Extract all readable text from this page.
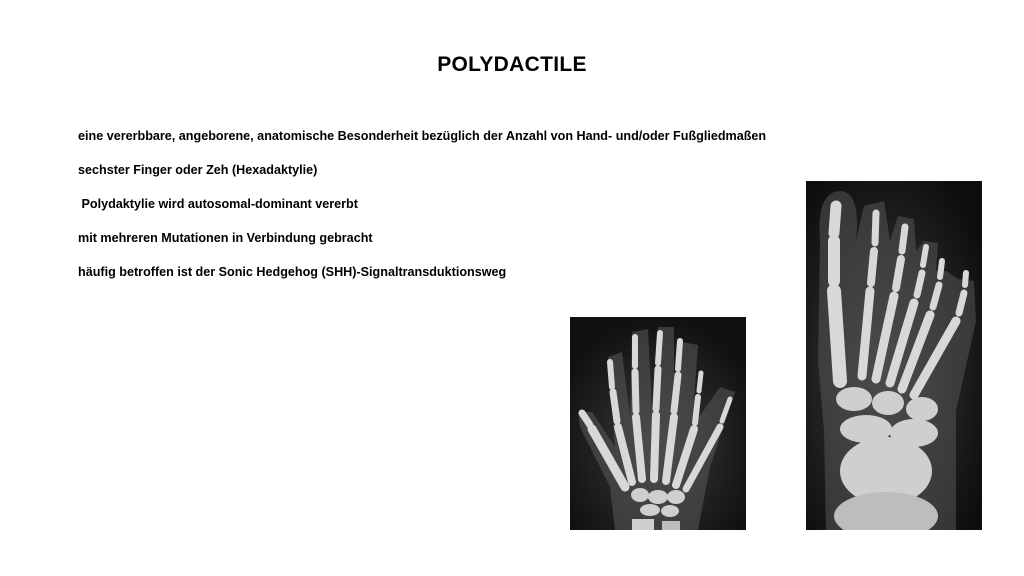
POLYDACTILE
eine vererbbare, angeborene, anatomische Besonderheit bezüglich der Anzahl von Hand- und/oder Fußgliedmaßen
sechster Finger oder Zeh (Hexadaktylie)
Polydaktylie wird autosomal-dominant vererbt
mit mehreren Mutationen in Verbindung gebracht
häufig betroffen ist der Sonic Hedgehog (SHH)-Signaltransduktionsweg
